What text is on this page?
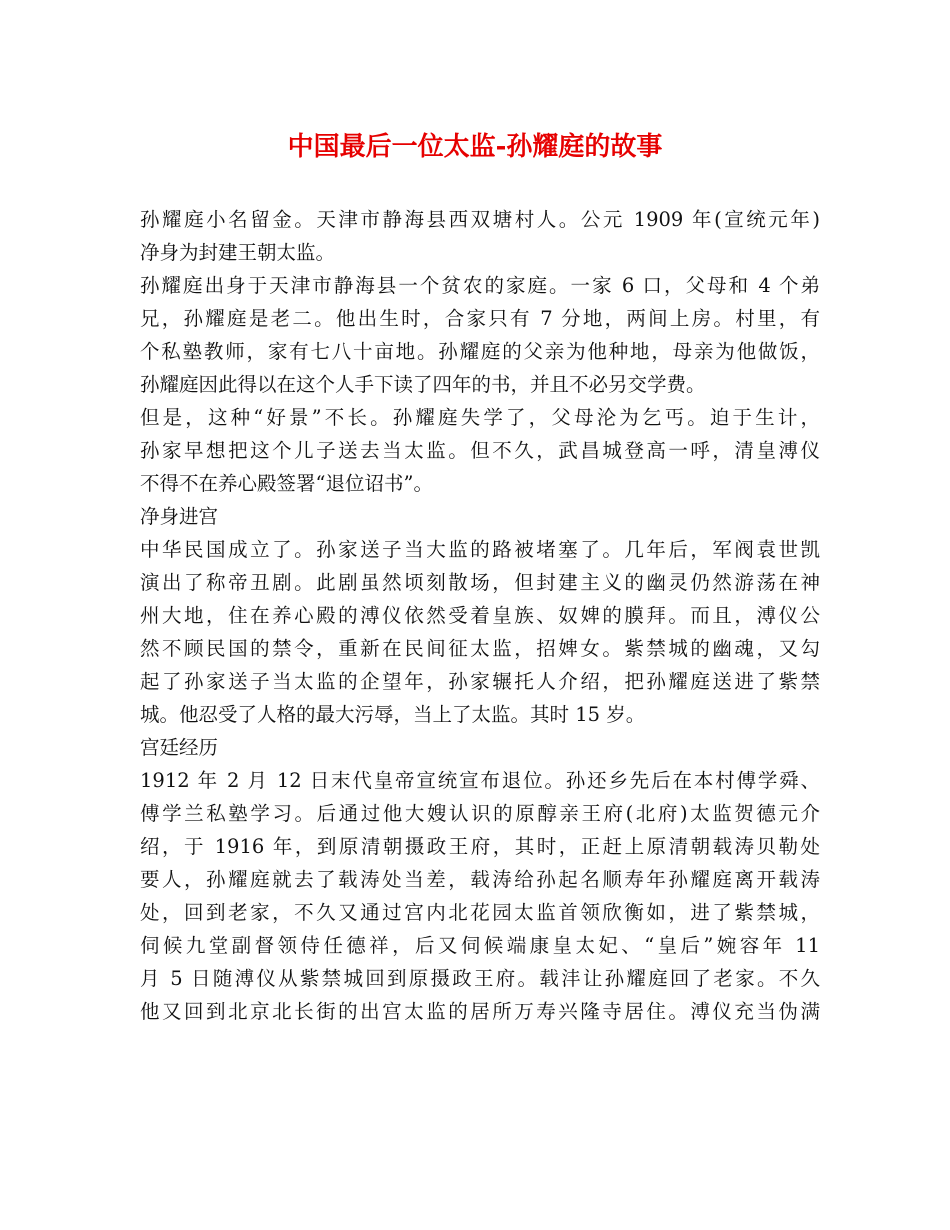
中国最后一位太监-孙耀庭的故事

孙耀庭小名留金。天津市静海县西双塘村人。公元 1909 年(宣统元年)

净身为封建王朝太监。

孙耀庭出身于天津市静海县一个贫农的家庭。一家 6 口，父母和 4 个弟

兄，孙耀庭是老二。他出生时，合家只有 7 分地，两间上房。村里，有

个私塾教师，家有七八十亩地。孙耀庭的父亲为他种地，母亲为他做饭，

孙耀庭因此得以在这个人手下读了四年的书，并且不必另交学费。

但是，这种“好景”不长。孙耀庭失学了，父母沦为乞丐。迫于生计，

孙家早想把这个儿子送去当太监。但不久，武昌城登高一呼，清皇溥仪

不得不在养心殿签署“退位诏书”。

净身进宫

中华民国成立了。孙家送子当大监的路被堵塞了。几年后，军阀袁世凯

演出了称帝丑剧。此剧虽然顷刻散场，但封建主义的幽灵仍然游荡在神

州大地，住在养心殿的溥仪依然受着皇族、奴婢的膜拜。而且，溥仪公

然不顾民国的禁令，重新在民间征太监，招婢女。紫禁城的幽魂，又勾

起了孙家送子当太监的企望年，孙家辗托人介绍，把孙耀庭送进了紫禁

城。他忍受了人格的最大污辱，当上了太监。其时 15 岁。

宫廷经历

1912 年 2 月 12 日末代皇帝宣统宣布退位。孙还乡先后在本村傅学舜、

傅学兰私塾学习。后通过他大嫂认识的原醇亲王府(北府)太监贺德元介

绍，于 1916 年，到原清朝摄政王府，其时，正赶上原清朝载涛贝勒处

要人，孙耀庭就去了载涛处当差，载涛给孙起名顺寿年孙耀庭离开载涛

处，回到老家，不久又通过宫内北花园太监首领欣衡如，进了紫禁城，

伺候九堂副督领侍任德祥，后又伺候端康皇太妃、“皇后”婉容年 11

月 5 日随溥仪从紫禁城回到原摄政王府。载沣让孙耀庭回了老家。不久

他又回到北京北长街的出宫太监的居所万寿兴隆寺居住。溥仪充当伪满
